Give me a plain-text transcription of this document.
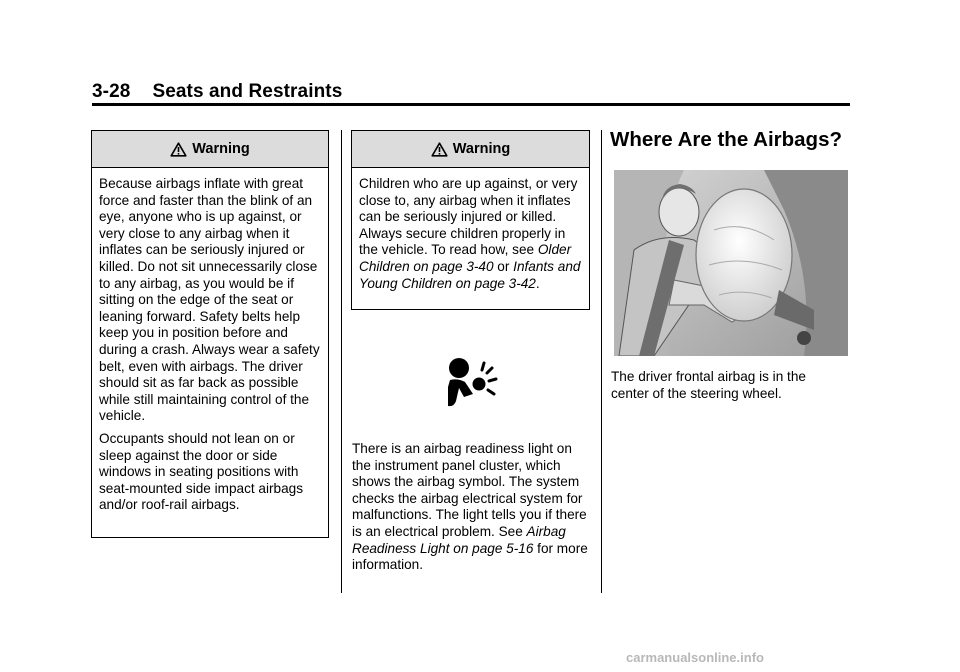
3-28 Seats and Restraints
Warning

Because airbags inflate with great force and faster than the blink of an eye, anyone who is up against, or very close to any airbag when it inflates can be seriously injured or killed. Do not sit unnecessarily close to any airbag, as you would be if sitting on the edge of the seat or leaning forward. Safety belts help keep you in position before and during a crash. Always wear a safety belt, even with airbags. The driver should sit as far back as possible while still maintaining control of the vehicle.

Occupants should not lean on or sleep against the door or side windows in seating positions with seat-mounted side impact airbags and/or roof-rail airbags.

Warning

Children who are up against, or very close to, any airbag when it inflates can be seriously injured or killed. Always secure children properly in the vehicle. To read how, see Older Children on page 3-40 or Infants and Young Children on page 3-42.

There is an airbag readiness light on the instrument panel cluster, which shows the airbag symbol. The system checks the airbag electrical system for malfunctions. The light tells you if there is an electrical problem. See Airbag Readiness Light on page 5-16 for more information.

Where Are the Airbags?

The driver frontal airbag is in the center of the steering wheel.

carmanualsonline.info
